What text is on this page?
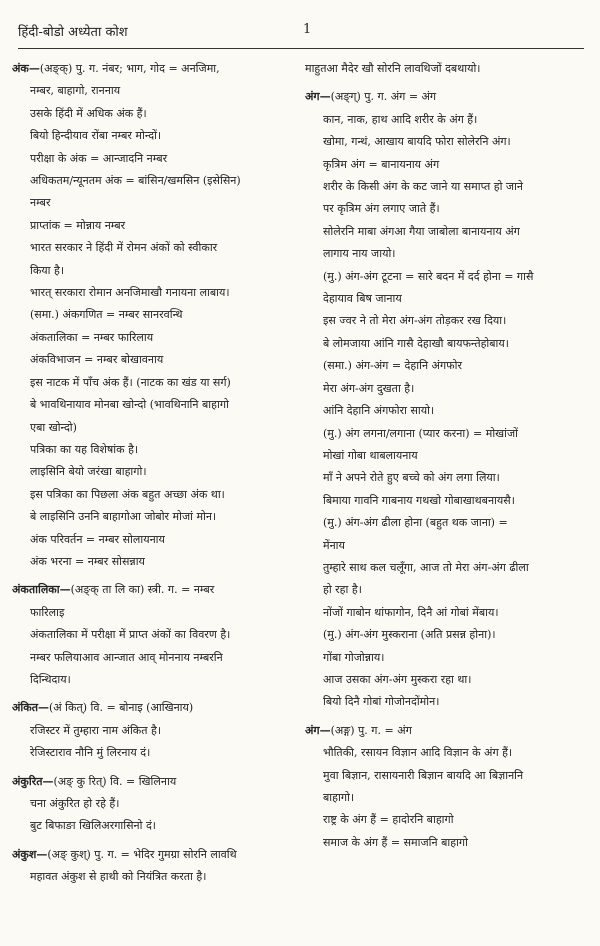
हिंदी-बोडो अध्येता कोश	1
अंक—(अङ्क्) पु. ग. नंबर; भाग, गोद = अनजिमा,
नम्बर, बाहागो, राननाय
उसके हिंदी में अधिक अंक हैं।
बियो हिन्दीयाव रोंबा नम्बर मोन्दों।
परीक्षा के अंक = आन्जादनि नम्बर
अधिकतम/न्यूनतम अंक = बांसिन/खमसिन (इसेसिन)
नम्बर
प्राप्तांक = मोन्नाय नम्बर
भारत सरकार ने हिंदी में रोमन अंकों को स्वीकार
किया है।
भारत् सरकारा रोमान अनजिमाखौ गनायना लाबाय।
(समा.) अंकगणित = नम्बर सानरवन्थि
अंकतालिका = नम्बर फारिलाय
अंकविभाजन = नम्बर बोखावनाय
इस नाटक में पाँच अंक हैं। (नाटक का खंड या सर्ग)
बे भावथिनायाव मोनबा खोन्दो (भावथिनानि बाहागो
एबा खोन्दो)
पत्रिका का यह विशेषांक है।
लाइसिनि बेयो जरंखा बाहागो।
इस पत्रिका का पिछला अंक बहुत अच्छा अंक था।
बे लाइसिनि उननि बाहागोआ जोबोर मोजां मोन।
अंक परिवर्तन = नम्बर सोलायनाय
अंक भरना = नम्बर सोसन्नाय
अंकतालिका—(अङ्क् ता लि का) स्त्री. ग. = नम्बर
फारिलाइ
अंकतालिका में परीक्षा में प्राप्त अंकों का विवरण है।
नम्बर फलियाआव आन्जात आव् मोननाय नम्बरनि
दिन्थिदाय।
अंकित—(अं कित्) वि. = बोनाइ (आखिनाय)
रजिस्टर में तुम्हारा नाम अंकित है।
रेजिस्टाराव नौनि मुं लिरनाय दं।
अंकुरित—(अङ् कु रित्) वि. = खिलिनाय
चना अंकुरित हो रहे हैं।
बुट बिफाङा खिलिअरगासिनो दं।
अंकुश—(अङ् कुश्) पु. ग. = भेदिर गुमग्रा सोरनि लावथि
महावत अंकुश से हाथी को नियंत्रित करता है।
माहुतआ मैदेर खौ सोरनि लावथिजों दबथायो।
अंग—(अङ्ग्) पु. ग. अंग = अंग
कान, नाक, हाथ आदि शरीर के अंग हैं।
खोमा, गन्थं, आखाय बायदि फोरा सोलेरनि अंग।
कृत्रिम अंग = बानायनाय अंग
शरीर के किसी अंग के कट जाने या समाप्त हो जाने
पर कृत्रिम अंग लगाए जाते हैं।
सोलेरनि माबा अंगआ गैया जाबोला बानायनाय अंग
लागाय नाय जायो।
(मु.) अंग-अंग टूटना = सारे बदन में दर्द होना = गासै
देहायाव बिष जानाय
इस ज्वर ने तो मेरा अंग-अंग तोड़कर रख दिया।
बे लोमजाया आंनि गासै देहाखौ बायफन्तेहोबाय।
(समा.) अंग-अंग = देहानि अंगफोर
मेरा अंग-अंग दुखता है।
आंनि देहानि अंगफोरा सायो।
(मु.) अंग लगना/लगाना (प्यार करना) = मोखांजों
मोखां गोबा थाबलायनाय
माँ ने अपने रोते हुए बच्चे को अंग लगा लिया।
बिमाया गावनि गाबनाय गथखो गोबाखाथबनायसै।
(मु.) अंग-अंग ढीला होना (बहुत थक जाना) =
मेंनाय
तुम्हारे साथ कल चलूँगा, आज तो मेरा अंग-अंग ढीला
हो रहा है।
नोंजों गाबोन थांफागोन, दिनै आं गोबां मेंबाय।
(मु.) अंग-अंग मुस्कराना (अति प्रसन्न होना)।
गोंबा गोजोन्नाय।
आज उसका अंग-अंग मुस्करा रहा था।
बियो दिनै गोबां गोजोनदोंमोन।
अंग—(अङ्ग) पु. ग. = अंग
भौतिकी, रसायन विज्ञान आदि विज्ञान के अंग हैं।
मुवा बिज्ञान, रासायनारी बिज्ञान बायदि आ बिज्ञाननि
बाहागो।
राष्ट्र के अंग हैं = हादोरनि बाहागो
समाज के अंग हैं = समाजनि बाहागो
